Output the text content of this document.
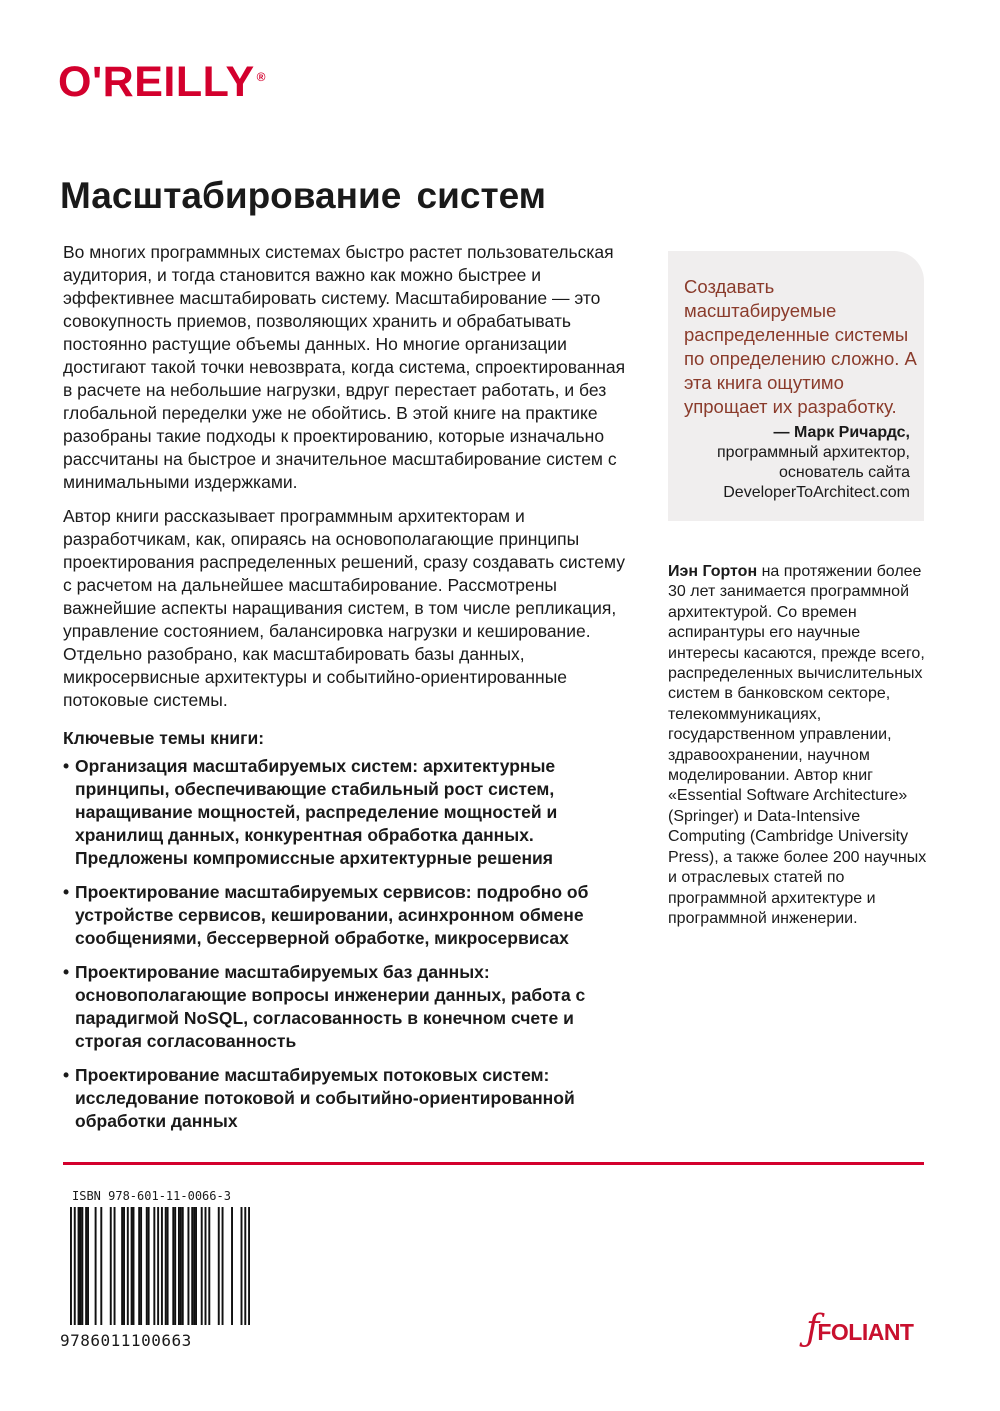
O'REILLY ®
Масштабирование систем

Во многих программных системах быстро растет пользовательская аудитория, и тогда становится важно как можно быстрее и эффективнее масштабировать систему. Масштабирование — это совокупность приемов, позволяющих хранить и обрабатывать постоянно растущие объемы данных. Но многие организации достигают такой точки невозврата, когда система, спроектированная в расчете на небольшие нагрузки, вдруг перестает работать, и без глобальной переделки уже не обойтись. В этой книге на практике разобраны такие подходы к проектированию, которые изначально рассчитаны на быстрое и значительное масштабирование систем с минимальными издержками.

Автор книги рассказывает программным архитекторам и разработчикам, как, опираясь на основополагающие принципы проектирования распределенных решений, сразу создавать систему с расчетом на дальнейшее масштабирование. Рассмотрены важнейшие аспекты наращивания систем, в том числе репликация, управление состоянием, балансировка нагрузки и кеширование. Отдельно разобрано, как масштабировать базы данных, микросервисные архитектуры и событийно-ориентированные потоковые системы.

Ключевые темы книги:
• Организация масштабируемых систем: архитектурные принципы, обеспечивающие стабильный рост систем, наращивание мощностей, распределение мощностей и хранилищ данных, конкурентная обработка данных. Предложены компромиссные архитектурные решения
• Проектирование масштабируемых сервисов: подробно об устройстве сервисов, кешировании, асинхронном обмене сообщениями, бессерверной обработке, микросервисах
• Проектирование масштабируемых баз данных: основополагающие вопросы инженерии данных, работа с парадигмой NoSQL, согласованность в конечном счете и строгая согласованность
• Проектирование масштабируемых потоковых систем: исследование потоковой и событийно-ориентированной обработки данных
Создавать масштабируемые распределенные системы по определению сложно. А эта книга ощутимо упрощает их разработку.
— Марк Ричардс,
программный архитектор,
основатель сайта
DeveloperToArchitect.com
Иэн Гортон на протяжении более 30 лет занимается программной архитектурой. Со времен аспирантуры его научные интересы касаются, прежде всего, распределенных вычислительных систем в банковском секторе, телекоммуникациях, государственном управлении, здравоохранении, научном моделировании. Автор книг «Essential Software Architecture» (Springer) и Data-Intensive Computing (Cambridge University Press), а также более 200 научных и отраслевых статей по программной архитектуре и программной инженерии.
ISBN 978-601-11-0066-3
9786011100663	ƒFOLIANT
